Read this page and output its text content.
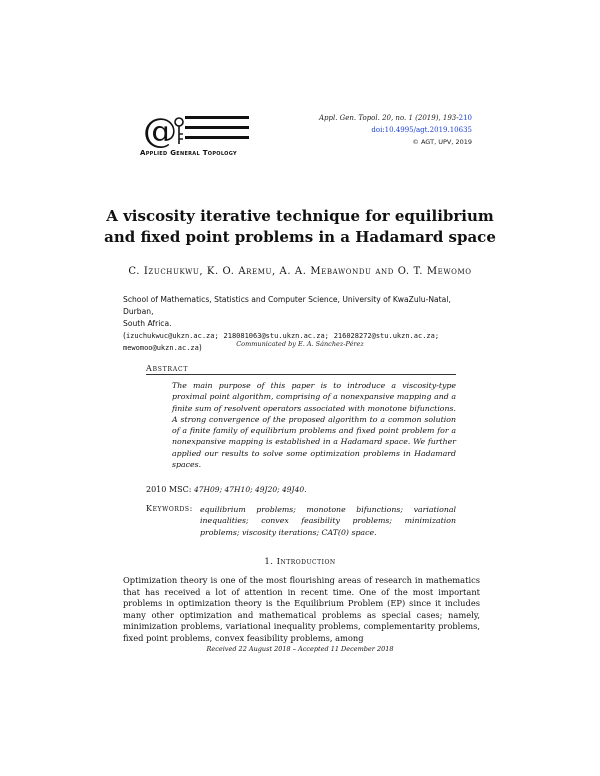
@
Applied General Topology
Appl. Gen. Topol. 20, no. 1 (2019), 193-210
doi:10.4995/agt.2019.10635
© AGT, UPV, 2019
A viscosity iterative technique for equilibrium
and fixed point problems in a Hadamard space
C. Izuchukwu, K. O. Aremu, A. A. Mebawondu and O. T. Mewomo
School of Mathematics, Statistics and Computer Science, University of KwaZulu-Natal, Durban,
South Africa. (izuchukwuc@ukzn.ac.za; 218081063@stu.ukzn.ac.za; 216028272@stu.ukzn.ac.za;
mewomoo@ukzn.ac.za)	Communicated by E. A. Sánchez-Pérez
Abstract
The main purpose of this paper is to introduce a viscosity-type proximal point algorithm, comprising of a nonexpansive mapping and a finite sum of resolvent operators associated with monotone bifunctions. A strong convergence of the proposed algorithm to a common solution of a finite family of equilibrium problems and fixed point problem for a nonexpansive mapping is established in a Hadamard space. We further applied our results to solve some optimization problems in Hadamard spaces.
2010 MSC: 47H09; 47H10; 49J20; 49J40.
Keywords: equilibrium problems; monotone bifunctions; variational inequalities; convex feasibility problems; minimization problems; viscosity iterations; CAT(0) space.
1. Introduction
Optimization theory is one of the most flourishing areas of research in mathematics that has received a lot of attention in recent time. One of the most important problems in optimization theory is the Equilibrium Problem (EP) since it includes many other optimization and mathematical problems as special cases; namely, minimization problems, variational inequality problems, complementarity problems, fixed point problems, convex feasibility problems, among
Received 22 August 2018 – Accepted 11 December 2018
